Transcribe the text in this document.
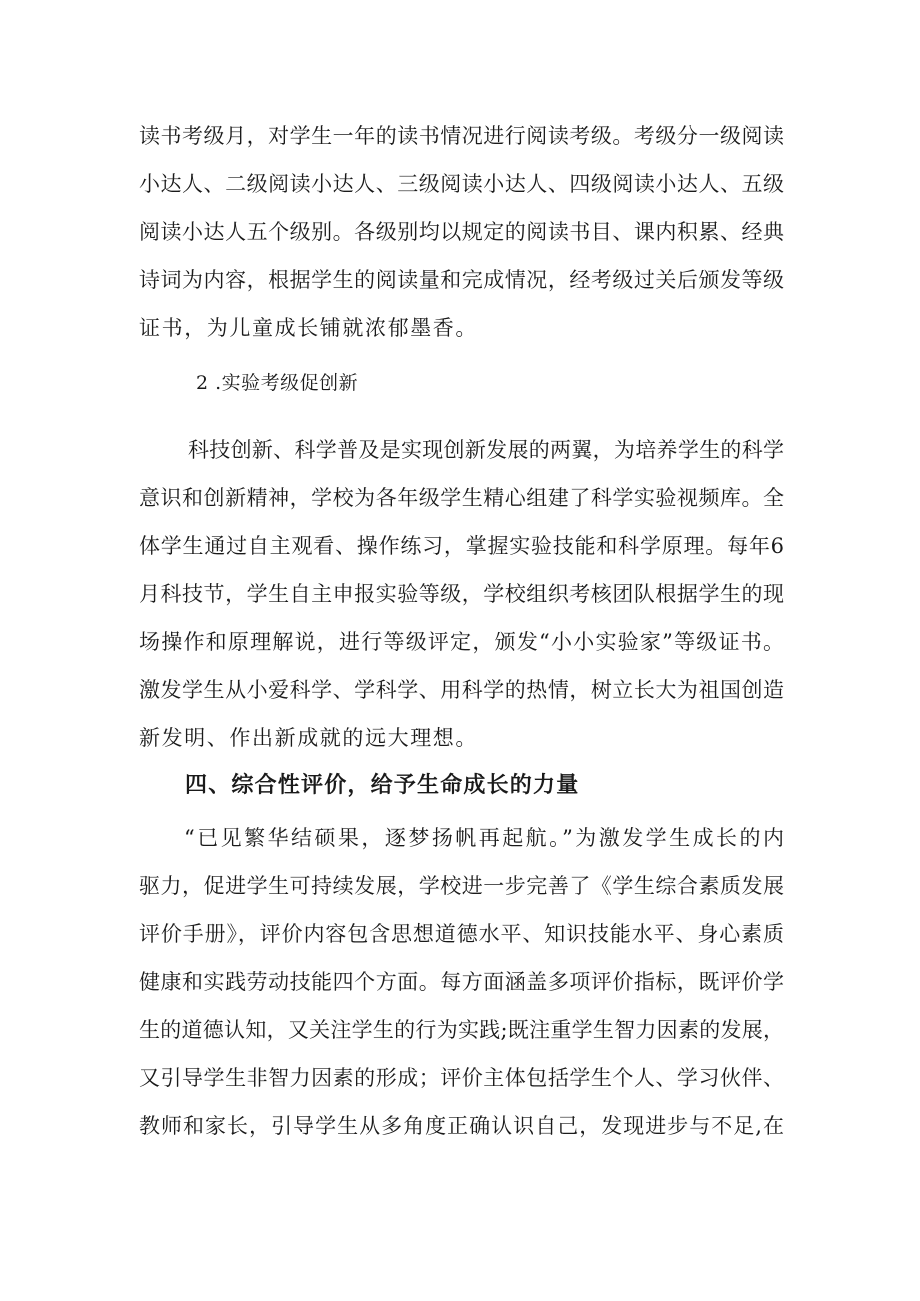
读书考级月，对学生一年的读书情况进行阅读考级。考级分一级阅读
小达人、二级阅读小达人、三级阅读小达人、四级阅读小达人、五级
阅读小达人五个级别。各级别均以规定的阅读书目、课内积累、经典
诗词为内容，根据学生的阅读量和完成情况，经考级过关后颁发等级
证书，为儿童成长铺就浓郁墨香。
2 .实验考级促创新
科技创新、科学普及是实现创新发展的两翼，为培养学生的科学
意识和创新精神，学校为各年级学生精心组建了科学实验视频库。全
体学生通过自主观看、操作练习，掌握实验技能和科学原理。每年6
月科技节，学生自主申报实验等级，学校组织考核团队根据学生的现
场操作和原理解说，进行等级评定，颁发“小小实验家”等级证书。
激发学生从小爱科学、学科学、用科学的热情，树立长大为祖国创造
新发明、作出新成就的远大理想。
四、综合性评价，给予生命成长的力量
“已见繁华结硕果，逐梦扬帆再起航。”为激发学生成长的内
驱力，促进学生可持续发展，学校进一步完善了《学生综合素质发展
评价手册》，评价内容包含思想道德水平、知识技能水平、身心素质
健康和实践劳动技能四个方面。每方面涵盖多项评价指标，既评价学
生的道德认知，又关注学生的行为实践;既注重学生智力因素的发展，
又引导学生非智力因素的形成；评价主体包括学生个人、学习伙伴、
教师和家长，引导学生从多角度正确认识自己，发现进步与不足,在
